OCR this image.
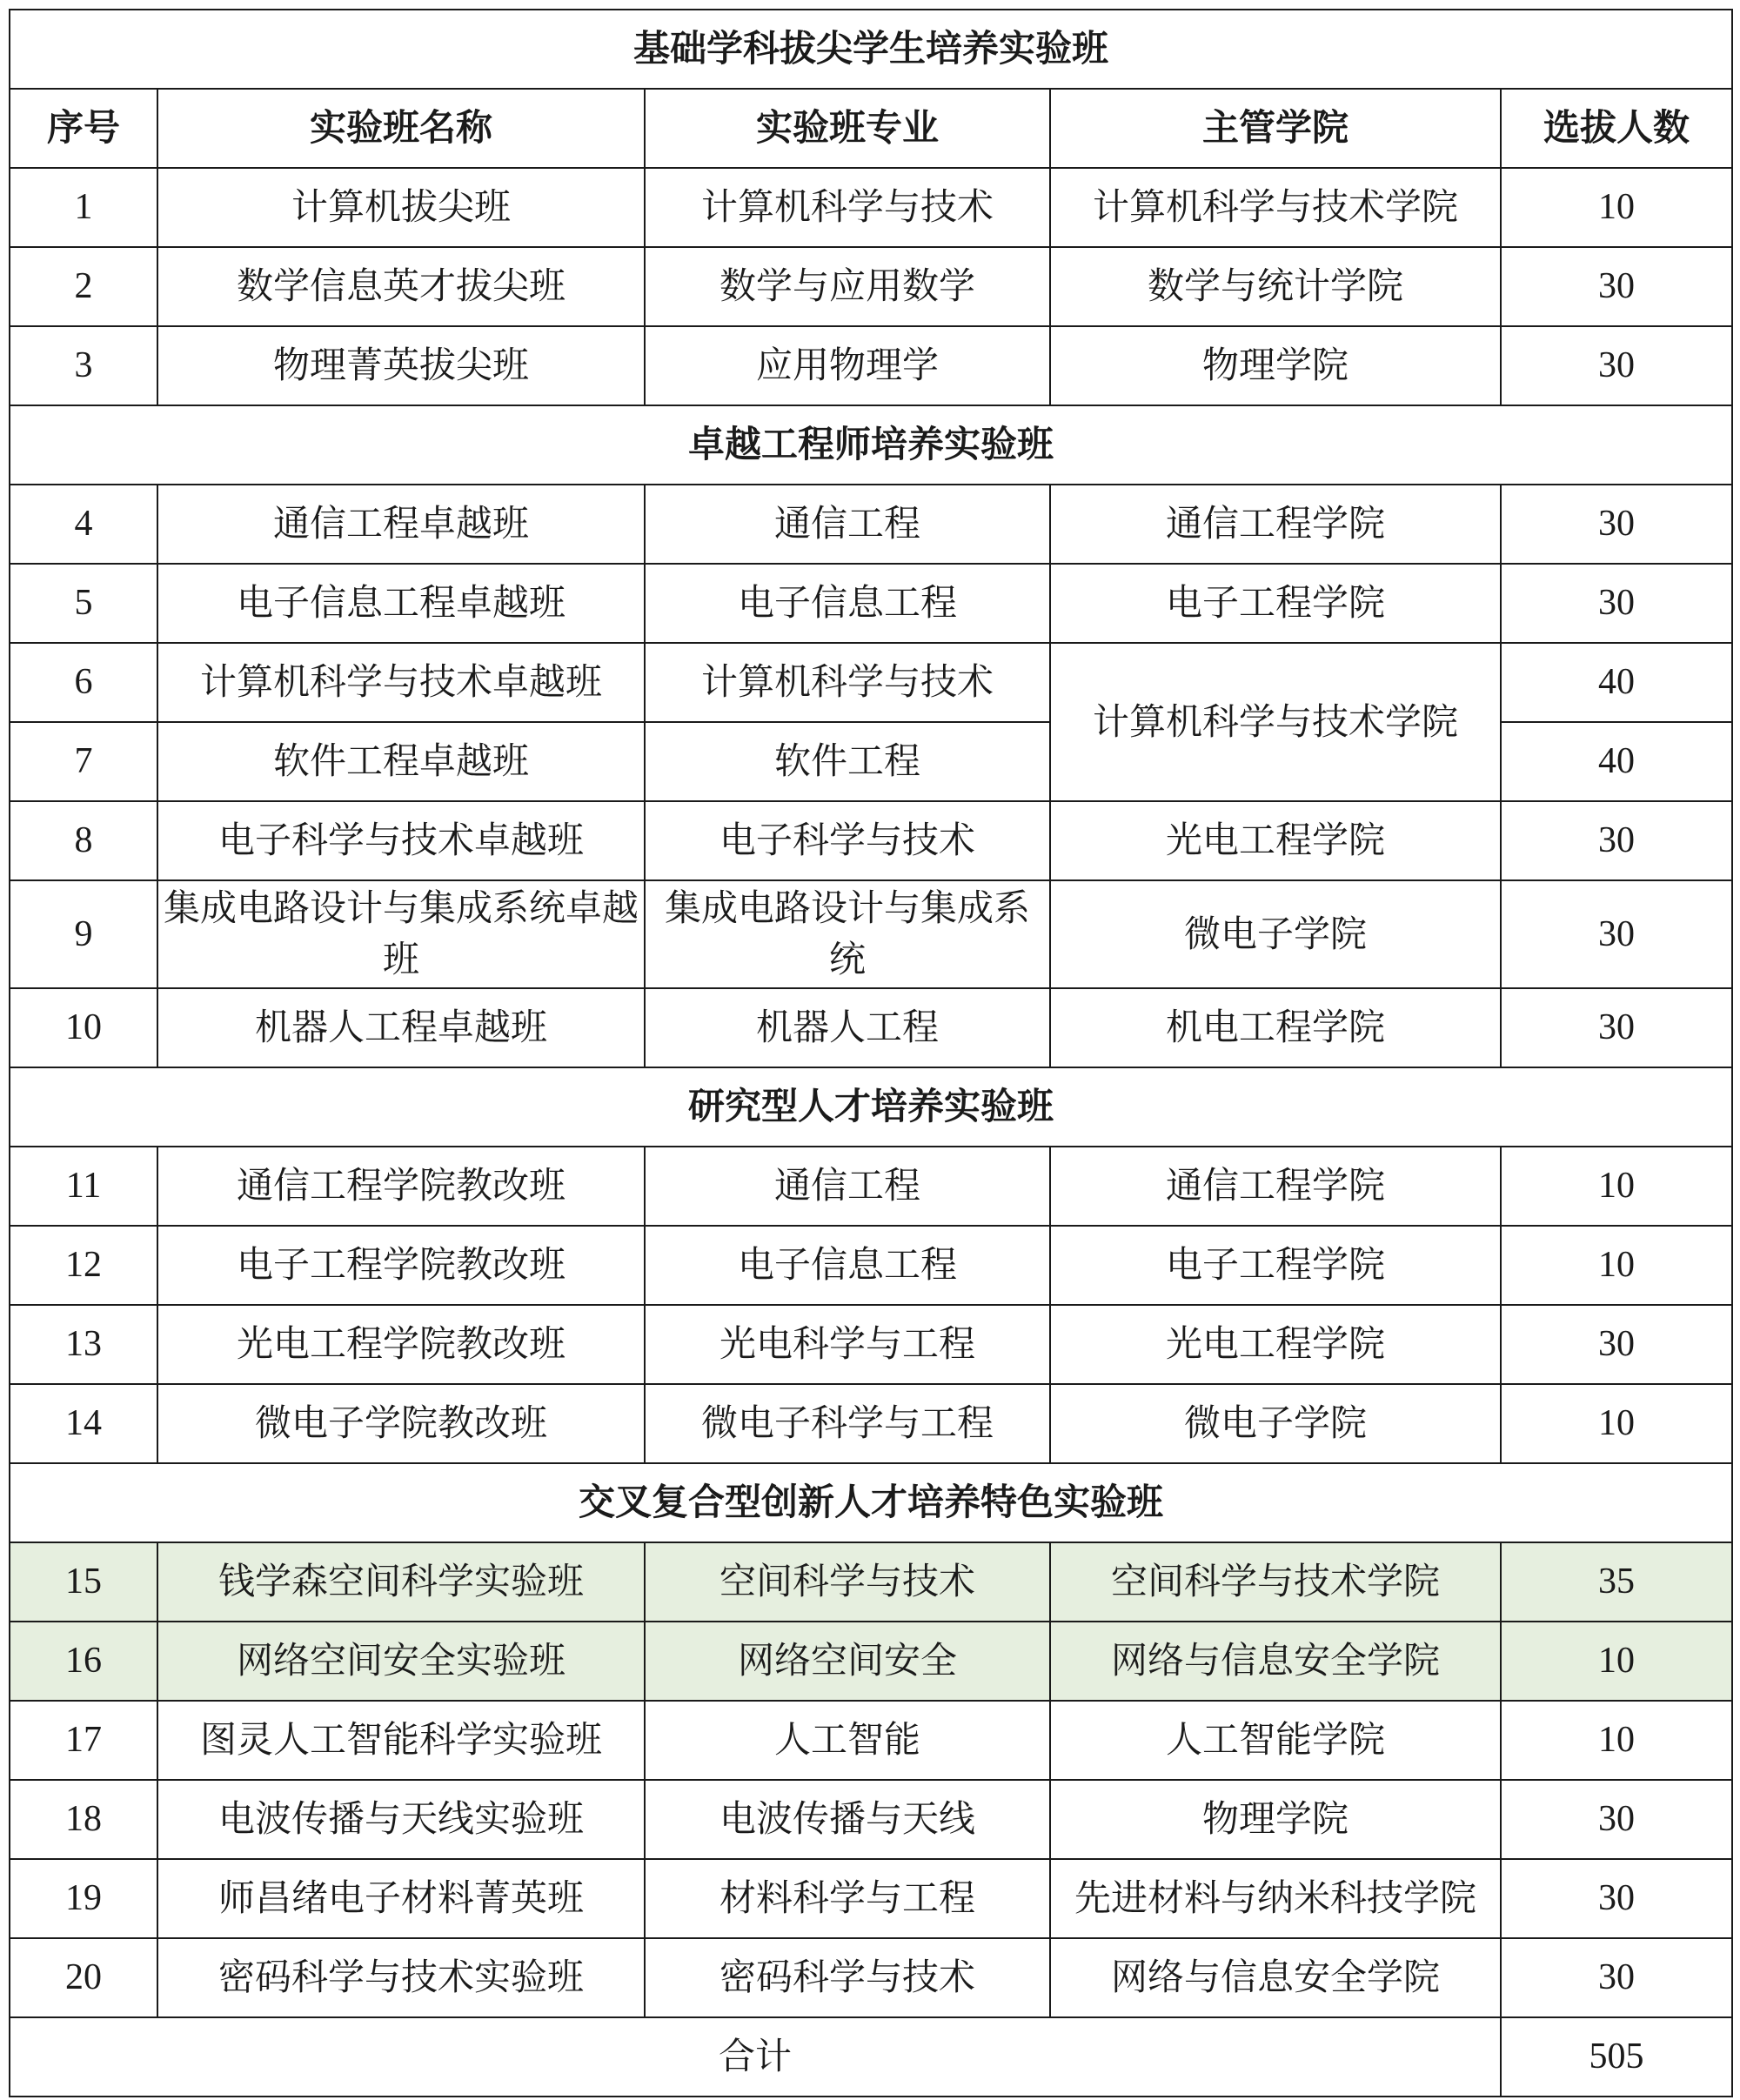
基础学科拔尖学生培养实验班				
序号	实验班名称	实验班专业	主管学院	选拔人数
1	计算机拔尖班	计算机科学与技术	计算机科学与技术学院	10
2	数学信息英才拔尖班	数学与应用数学	数学与统计学院	30
3	物理菁英拔尖班	应用物理学	物理学院	30
卓越工程师培养实验班				
4	通信工程卓越班	通信工程	通信工程学院	30
5	电子信息工程卓越班	电子信息工程	电子工程学院	30
6	计算机科学与技术卓越班	计算机科学与技术	计算机科学与技术学院	40
7	软件工程卓越班	软件工程		40
8	电子科学与技术卓越班	电子科学与技术	光电工程学院	30
9	集成电路设计与集成系统卓越班	集成电路设计与集成系统	微电子学院	30
10	机器人工程卓越班	机器人工程	机电工程学院	30
研究型人才培养实验班				
11	通信工程学院教改班	通信工程	通信工程学院	10
12	电子工程学院教改班	电子信息工程	电子工程学院	10
13	光电工程学院教改班	光电科学与工程	光电工程学院	30
14	微电子学院教改班	微电子科学与工程	微电子学院	10
交叉复合型创新人才培养特色实验班				
15	钱学森空间科学实验班	空间科学与技术	空间科学与技术学院	35
16	网络空间安全实验班	网络空间安全	网络与信息安全学院	10
17	图灵人工智能科学实验班	人工智能	人工智能学院	10
18	电波传播与天线实验班	电波传播与天线	物理学院	30
19	师昌绪电子材料菁英班	材料科学与工程	先进材料与纳米科技学院	30
20	密码科学与技术实验班	密码科学与技术	网络与信息安全学院	30
合计				505
